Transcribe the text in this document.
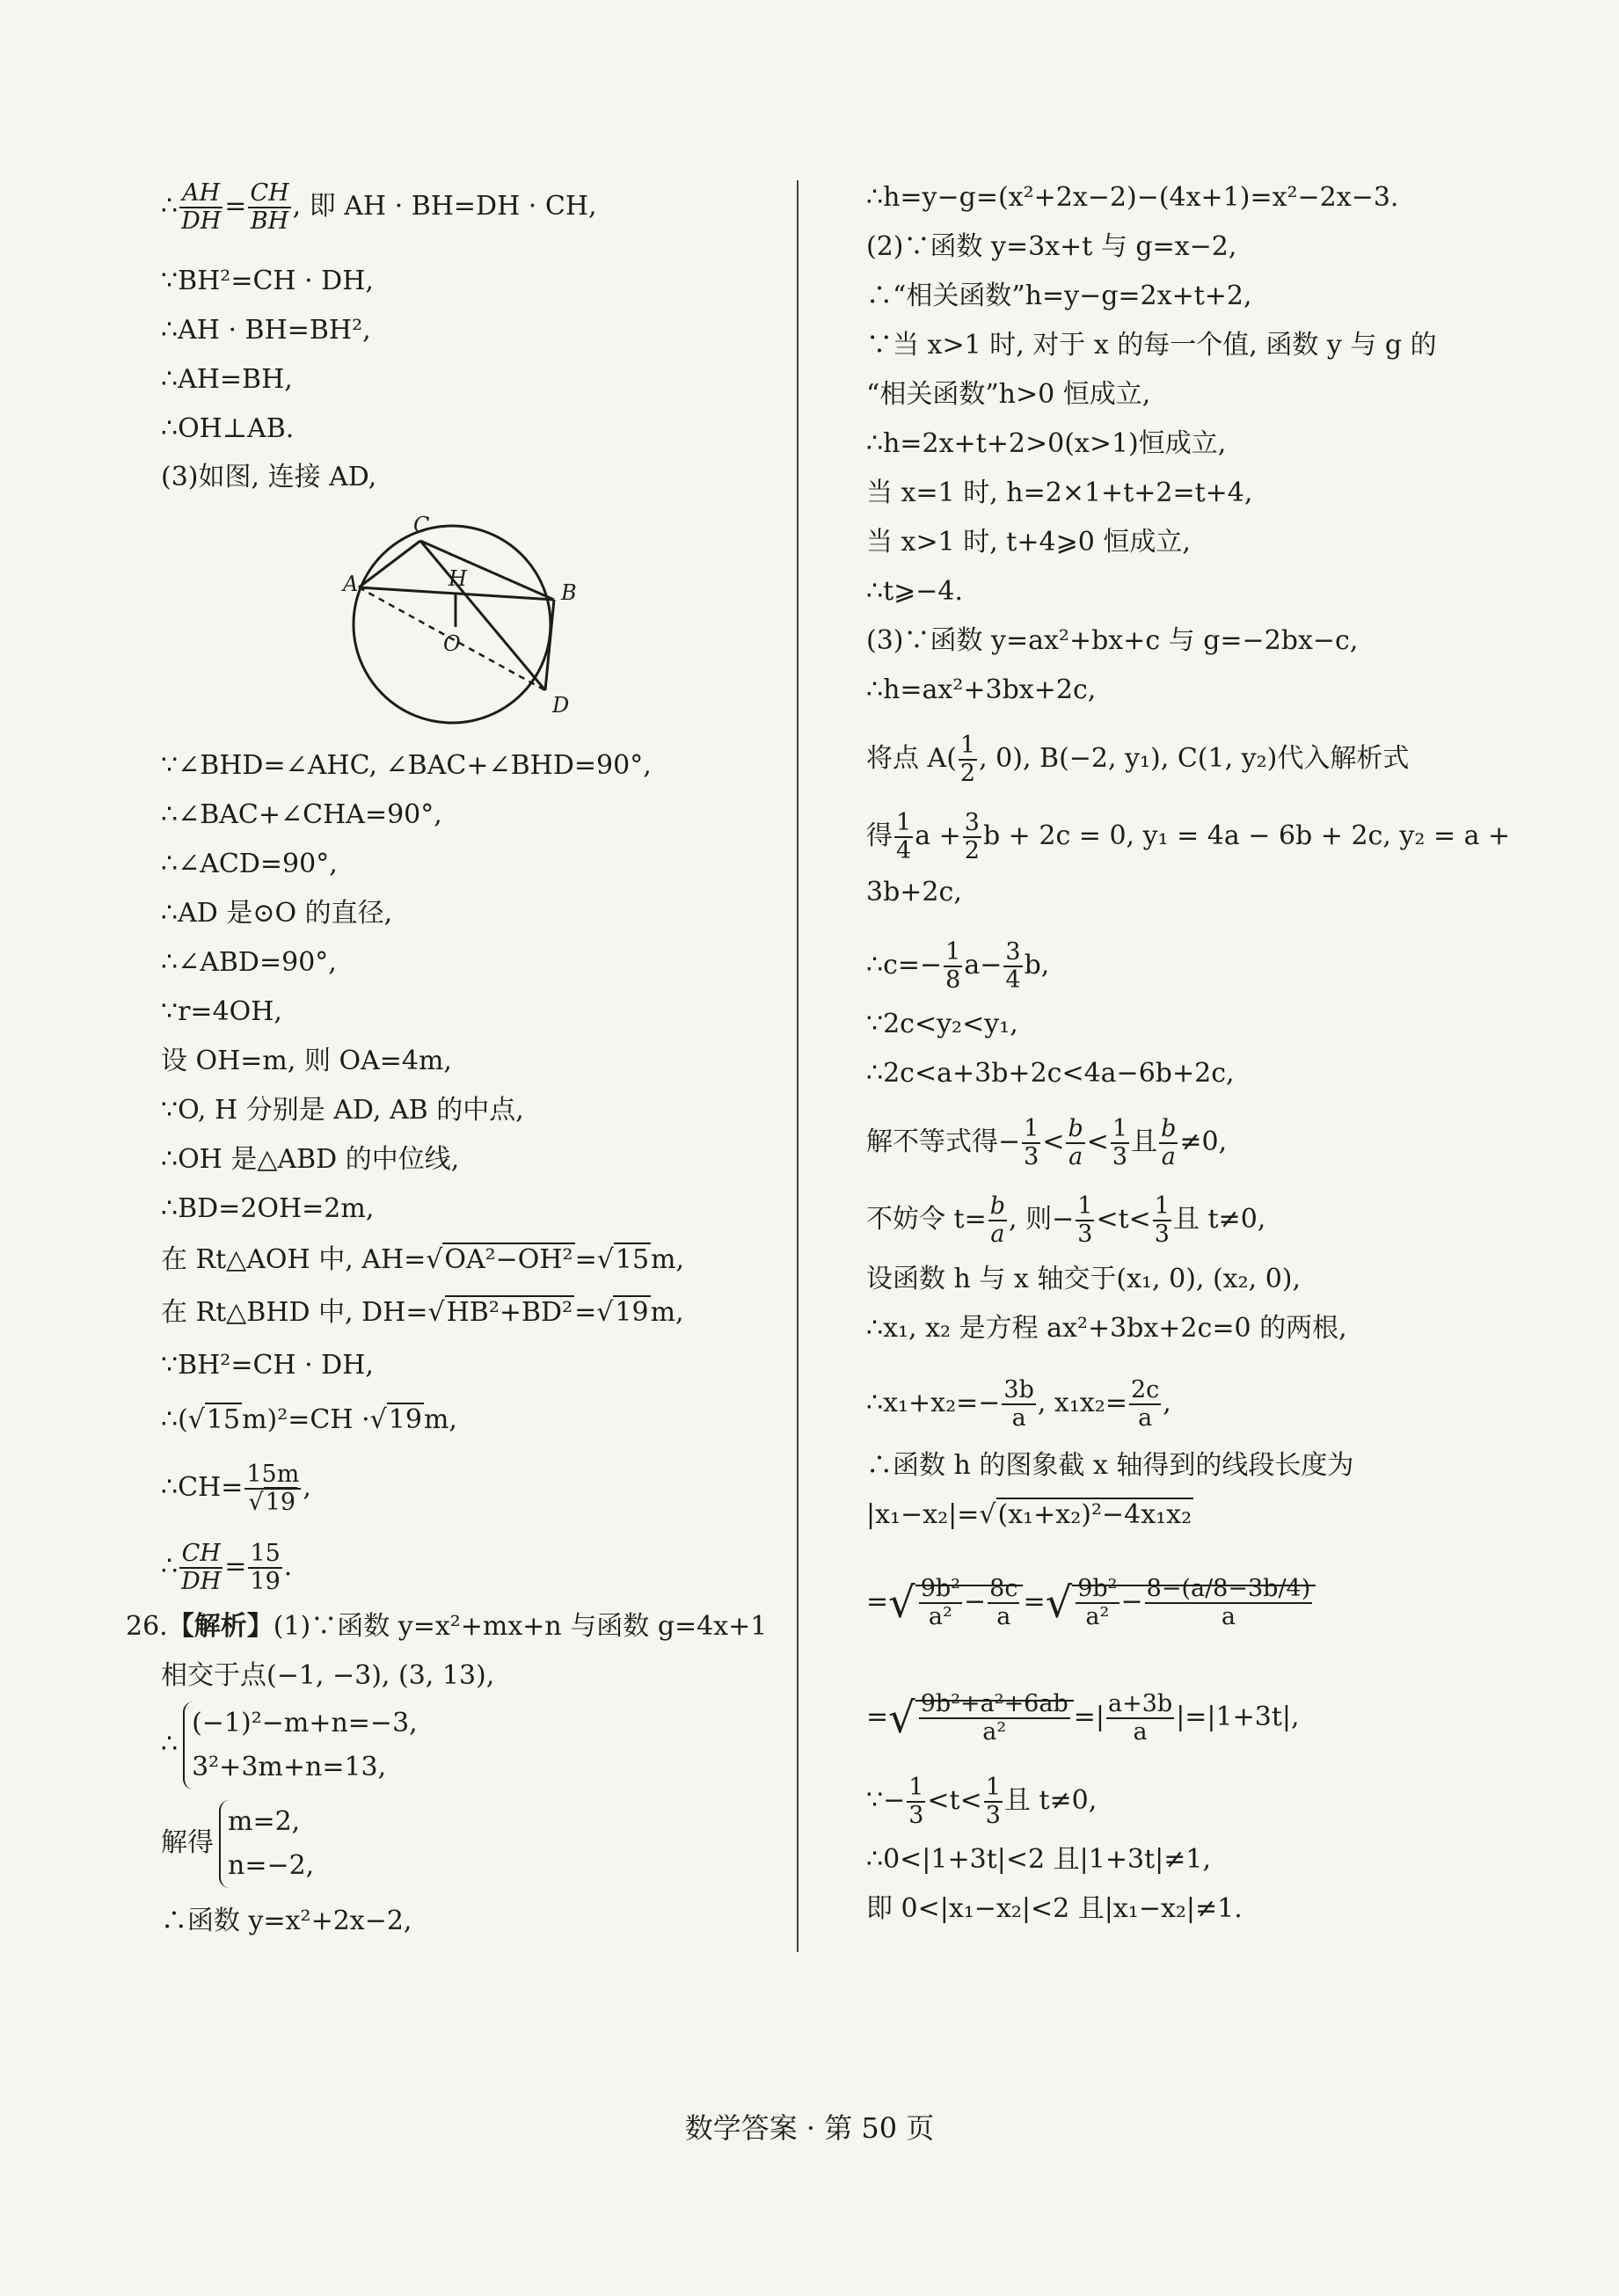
∴ $\frac{AH}{DH} = \frac{CH}{BH}$ , 即 AH · BH=DH · CH,
∵BH²=CH · DH,
∴AH · BH=BH²,
∴AH=BH,
∴OH⊥AB.
(3)如图, 连接 AD,
C
A	H
B
O
D
∵∠BHD=∠AHC, ∠BAC+∠BHD=90°,
∴∠BAC+∠CHA=90°,
∴∠ACD=90°,
∴AD 是⊙O 的直径,
∴∠ABD=90°,
∵r=4OH,
设 OH=m, 则 OA=4m,
∵O, H 分别是 AD, AB 的中点,
∴OH 是△ABD 的中位线,
∴BD=2OH=2m,
在 Rt△AOH 中, AH=√OA²−OH²=√15m,
在 Rt△BHD 中, DH=√HB²+BD²=√19m,
∵BH²=CH · DH,
∴(√15m)²=CH ·√19m,
∴CH= $\frac{15m}{√19}$ ,
∴ $\frac{CH}{DH} = \frac{15}{19}$ .
26.【解析】(1)∵函数 y=x²+mx+n 与函数 g=4x+1
相交于点(−1, −3), (3, 13),
∴
(−1)²−m+n=−3,
3²+3m+n=13,
解得
m=2,
n=−2,
∴函数 y=x²+2x−2,
∴h=y−g=(x²+2x−2)−(4x+1)=x²−2x−3.
(2)∵函数 y=3x+t 与 g=x−2,
∴“相关函数”h=y−g=2x+t+2,
∵当 x>1 时, 对于 x 的每一个值, 函数 y 与 g 的
“相关函数”h>0 恒成立,
∴h=2x+t+2>0(x>1)恒成立,
当 x=1 时, h=2×1+t+2=t+4,
当 x>1 时, t+4⩾0 恒成立,
∴t⩾−4.
(3)∵函数 y=ax²+bx+c 与 g=−2bx−c,
∴h=ax²+3bx+2c,
将点 $A( \frac{1}{2}$ , 0), B(−2, y₁), C(1, y₂)代入解析式
得 $\frac{1}{4}$ $a + \frac{3}{2}$ b + 2c = 0, y₁ = 4a − 6b + 2c, y₂ = a +
3b+2c,
∴c=− $\frac{1}{8} a- \frac{3}{4} b$,
∵2c<y₂<y₁,
∴2c<a+3b+2c<4a−6b+2c,
解不等式得− $\frac{1}{3} < \frac{b}{a} < \frac{1}{3}$ 且 $\frac{b}{a} \ne 0$,
不妨令 $t= \frac{b}{a}$ , 则− $\frac{1}{3} <t< \frac{1}{3}$ 且 t≠0,
设函数 h 与 x 轴交于(x₁, 0), (x₂, 0),
∴x₁, x₂ 是方程 ax²+3bx+2c=0 的两根,
∴x₁+x₂=− $\frac{3b}{a}$ , $x_1x_2= \frac{2c}{a}$ ,
∴函数 h 的图象截 x 轴得到的线段长度为
|x₁−x₂|=√(x₁+x₂)²−4x₁x₂
=√ $\frac{\text{9b²}}{\text{a²}} - \frac{8c}{a}$ =√ $\frac{\text{9b²}}{\text{a²}} - \frac{8-(a/8-3b/4)}{a}$
=√ $\frac{\text{9b²+a²+6ab}}{\text{a²}}$ =| $\frac{a+3b}{a} |=|1+3t|$,
∵− $\frac{1}{3} <t< \frac{1}{3}$ 且 t≠0,
∴0<|1+3t|<2 且|1+3t|≠1,
即 0<|x₁−x₂|<2 且|x₁−x₂|≠1.
数学答案 · 第 50 页
